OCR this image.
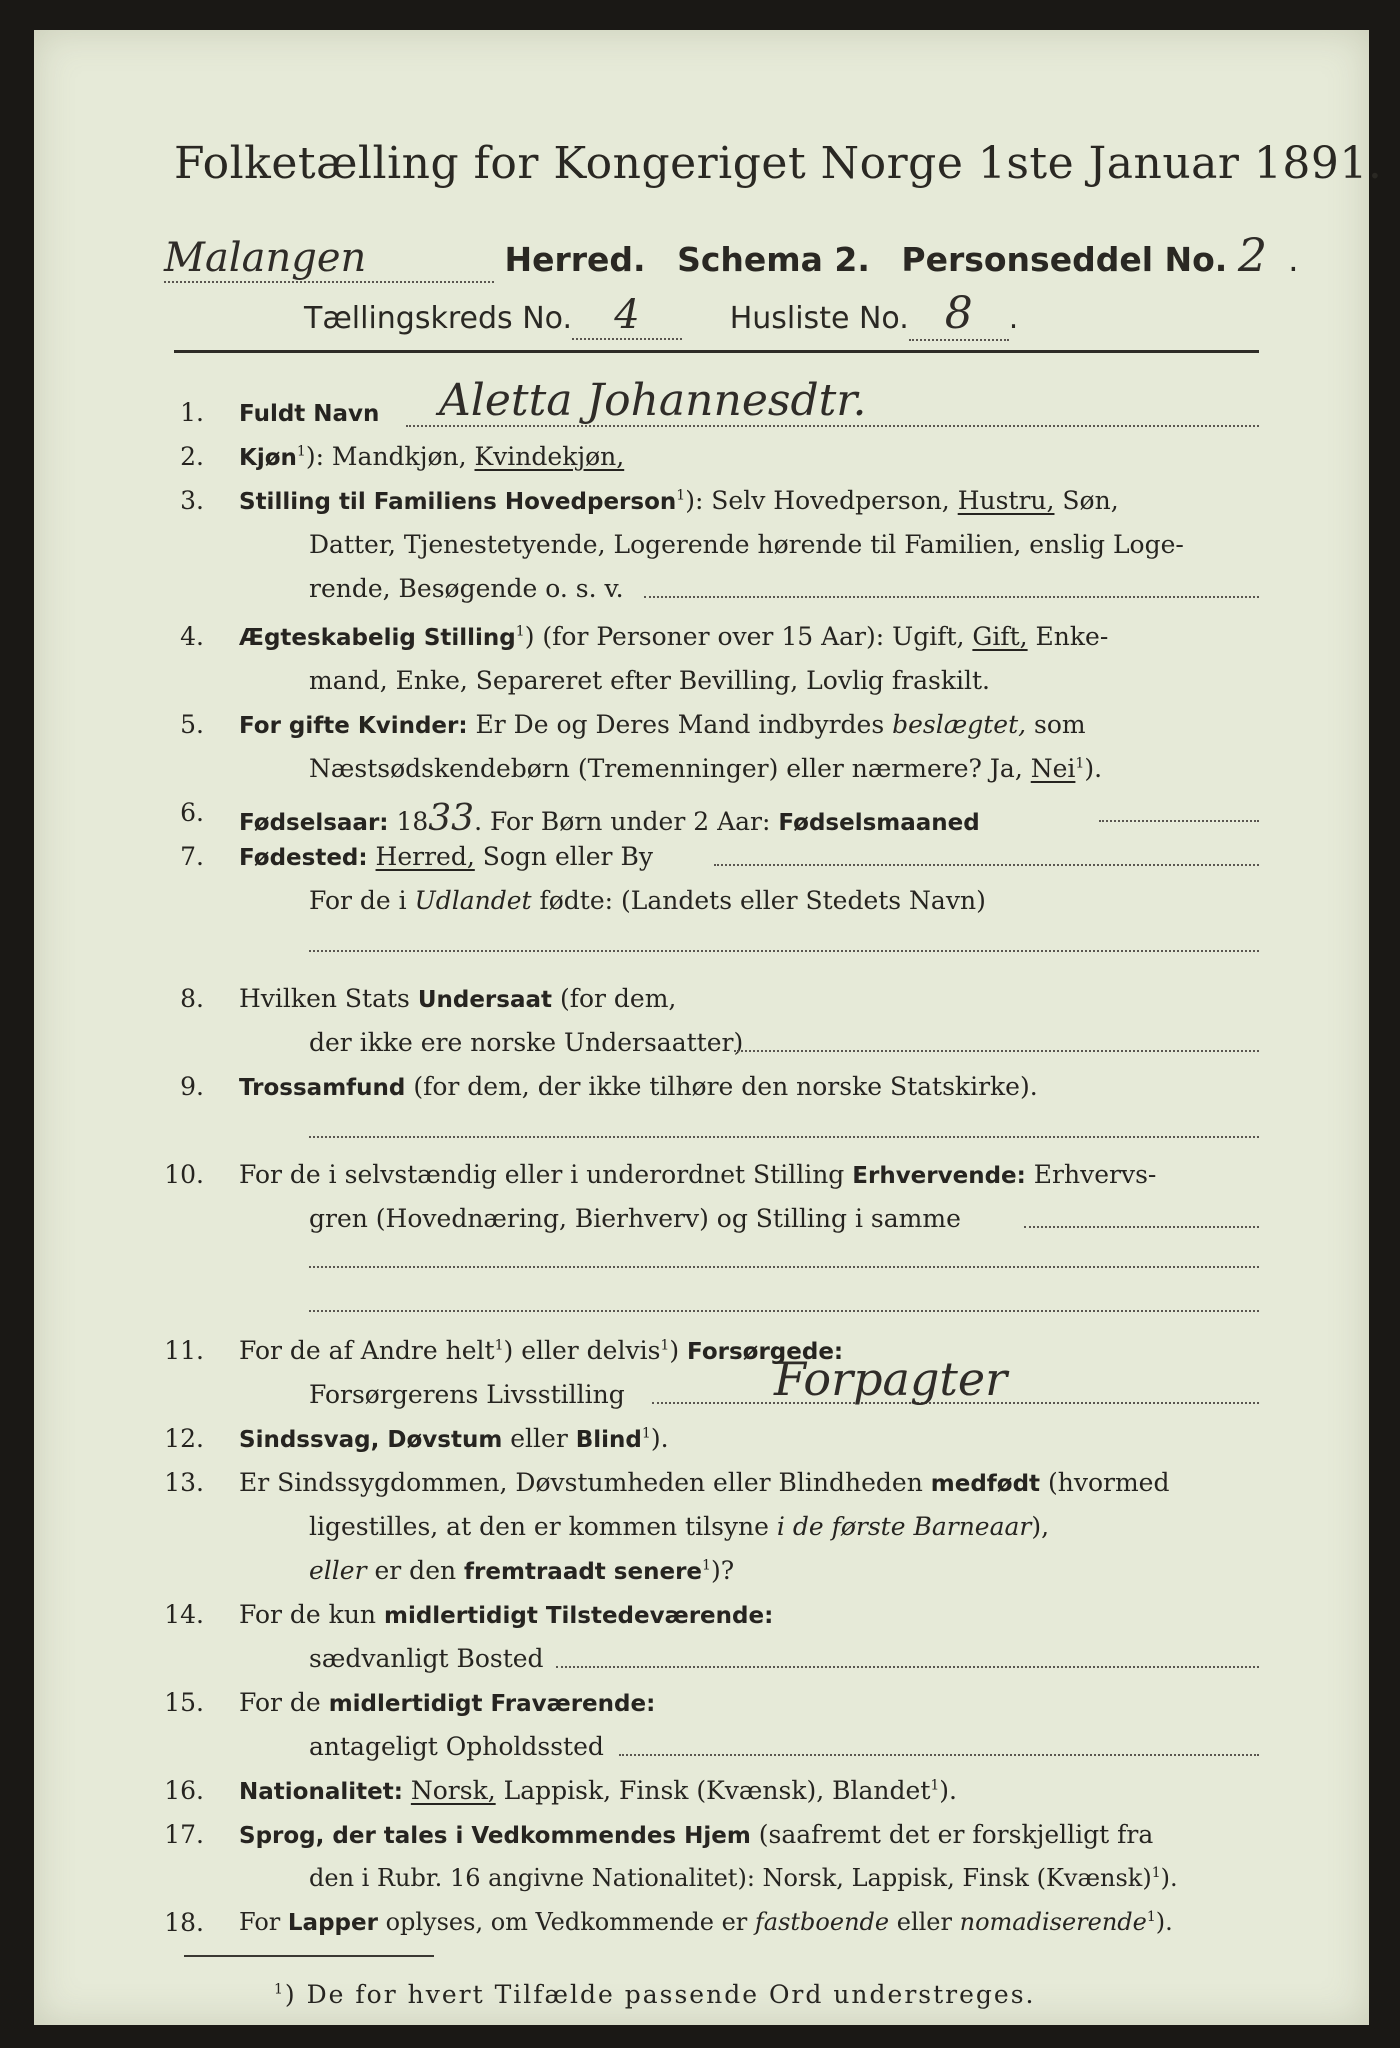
Folketælling for Kongeriget Norge 1ste Januar 1891.
Malangen	Herred. Schema 2. Personseddel No. 2  .
Tællingskreds No. 4	Husliste No. 8 .
1. Fuldt Navn Aletta Johannesdtr.
2. Kjøn$^1$): Mandkjøn, Kvindekjøn,
3. Stilling til Familiens Hovedperson$^1$): Selv Hovedperson, Hustru, Søn,
Datter, Tjenestetyende, Logerende hørende til Familien, enslig Loge-
rende, Besøgende o. s. v.
4. Ægteskabelig Stilling$^1$) (for Personer over 15 Aar): Ugift, Gift, Enke-
mand, Enke, Separeret efter Bevilling, Lovlig fraskilt.
5. For gifte Kvinder: Er De og Deres Mand indbyrdes beslægtet, som
Næstsødskendebørn (Tremenninger) eller nærmere? Ja, Nei$^1$).
6. Fødselsaar: 1833. For Børn under 2 Aar: Fødselsmaaned
7. Fødested: Herred, Sogn eller By
For de i Udlandet fødte: (Landets eller Stedets Navn)
8. Hvilken Stats Undersaat (for dem,
der ikke ere norske Undersaatter)
9. Trossamfund (for dem, der ikke tilhøre den norske Statskirke).
10. For de i selvstændig eller i underordnet Stilling Erhvervende: Erhvervs-
gren (Hovednæring, Bierhverv) og Stilling i samme
11. For de af Andre helt$^1$) eller delvis$^1$) Forsørgede:
Forsørgerens Livsstilling	Forpagter
12. Sindssvag, Døvstum eller Blind$^1$).
13. Er Sindssygdommen, Døvstumheden eller Blindheden medfødt (hvormed
ligestilles, at den er kommen tilsyne i de første Barneaar),
eller er den fremtraadt senere$^1$)?
14. For de kun midlertidigt Tilstedeværende:
sædvanligt Bosted
15. For de midlertidigt Fraværende:
antageligt Opholdssted
16. Nationalitet: Norsk, Lappisk, Finsk (Kvænsk), Blandet$^1$).
17. Sprog, der tales i Vedkommendes Hjem (saafremt det er forskjelligt fra
den i Rubr. 16 angivne Nationalitet): Norsk, Lappisk, Finsk (Kvænsk)$^1$).
18. For Lapper oplyses, om Vedkommende er fastboende eller nomadiserende$^1$).
$^1$) De for hvert Tilfælde passende Ord understreges.
